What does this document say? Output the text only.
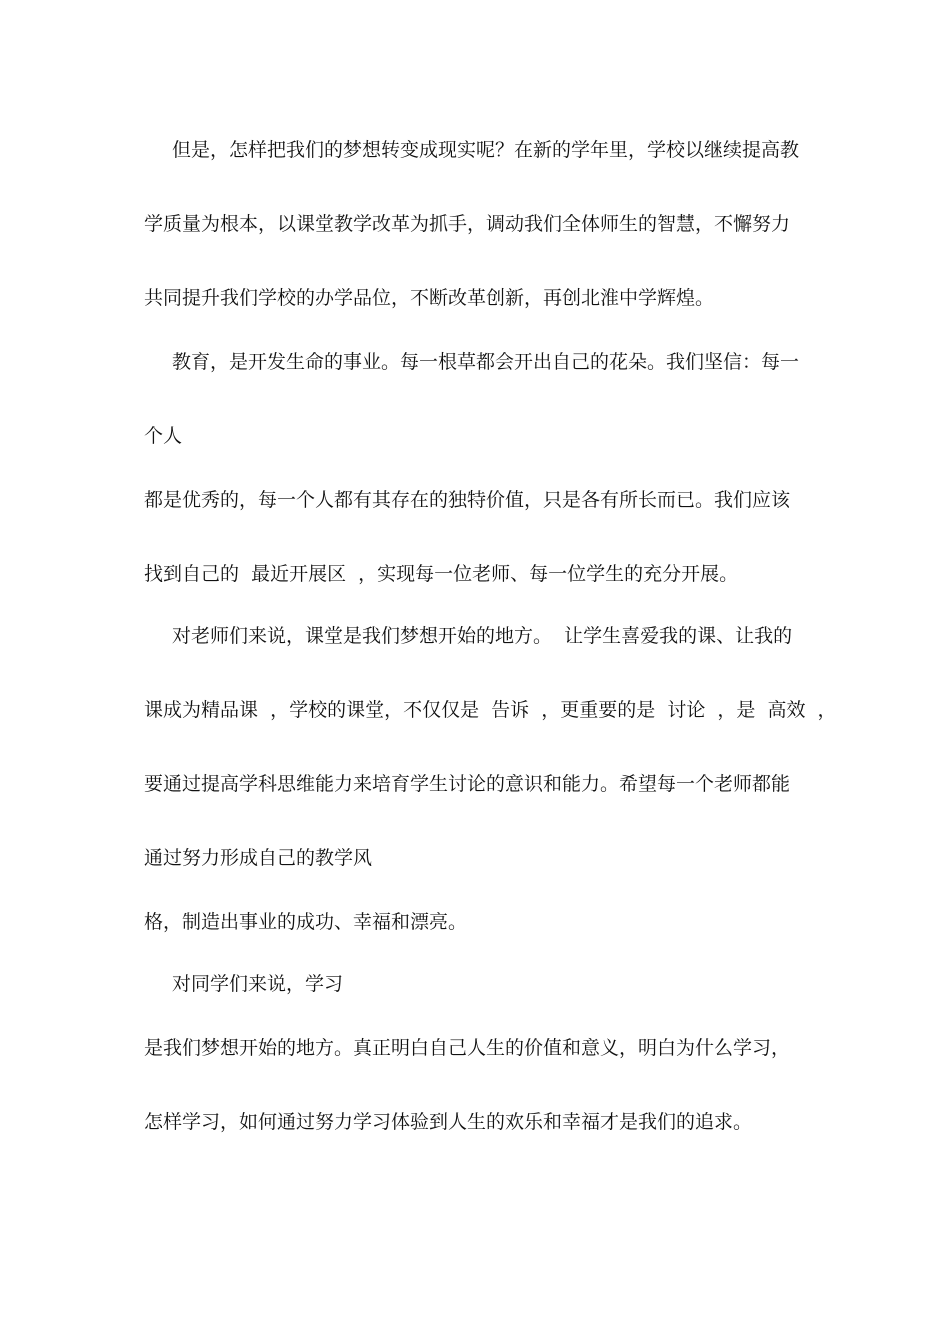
但是，怎样把我们的梦想转变成现实呢？在新的学年里，学校以继续提高教

学质量为根本，以课堂教学改革为抓手，调动我们全体师生的智慧，不懈努力

共同提升我们学校的办学品位，不断改革创新，再创北淮中学辉煌。

教育，是开发生命的事业。每一根草都会开出自己的花朵。我们坚信：每一

个人

都是优秀的，每一个人都有其存在的独特价值，只是各有所长而已。我们应该

找到自己的  最近开展区  ，实现每一位老师、每一位学生的充分开展。

对老师们来说，课堂是我们梦想开始的地方。  让学生喜爱我的课、让我的

课成为精品课  ，学校的课堂，不仅仅是  告诉  ，更重要的是  讨论  ，是  高效  ，

要通过提高学科思维能力来培育学生讨论的意识和能力。希望每一个老师都能

通过努力形成自己的教学风

格，制造出事业的成功、幸福和漂亮。

对同学们来说，学习

是我们梦想开始的地方。真正明白自己人生的价值和意义，明白为什么学习，

怎样学习，如何通过努力学习体验到人生的欢乐和幸福才是我们的追求。
